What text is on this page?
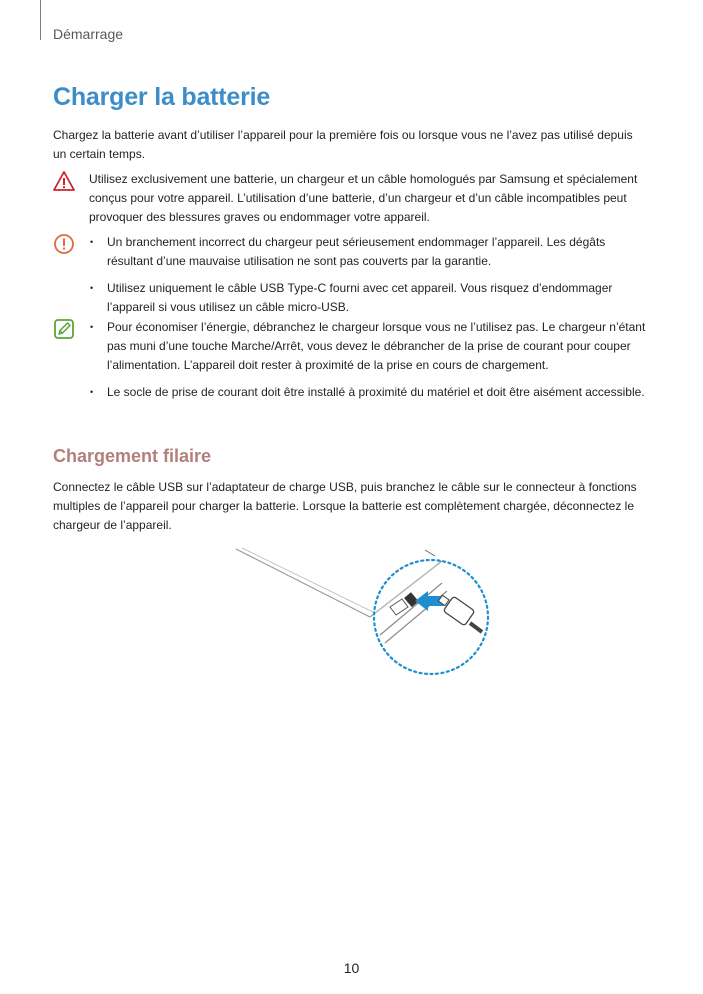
Démarrage
Charger la batterie

Chargez la batterie avant d’utiliser l’appareil pour la première fois ou lorsque vous ne l’avez pas utilisé depuis un certain temps.

Utilisez exclusivement une batterie, un chargeur et un câble homologués par Samsung et spécialement conçus pour votre appareil. L’utilisation d’une batterie, d’un chargeur et d’un câble incompatibles peut provoquer des blessures graves ou endommager votre appareil.
• Un branchement incorrect du chargeur peut sérieusement endommager l’appareil. Les dégâts résultant d’une mauvaise utilisation ne sont pas couverts par la garantie.
• Utilisez uniquement le câble USB Type-C fourni avec cet appareil. Vous risquez d’endommager l’appareil si vous utilisez un câble micro-USB.
• Pour économiser l’énergie, débranchez le chargeur lorsque vous ne l’utilisez pas. Le chargeur n’étant pas muni d’une touche Marche/Arrêt, vous devez le débrancher de la prise de courant pour couper l’alimentation. L’appareil doit rester à proximité de la prise en cours de chargement.
• Le socle de prise de courant doit être installé à proximité du matériel et doit être aisément accessible.
Chargement filaire

Connectez le câble USB sur l’adaptateur de charge USB, puis branchez le câble sur le connecteur à fonctions multiples de l’appareil pour charger la batterie. Lorsque la batterie est complètement chargée, déconnectez le chargeur de l’appareil.

10
